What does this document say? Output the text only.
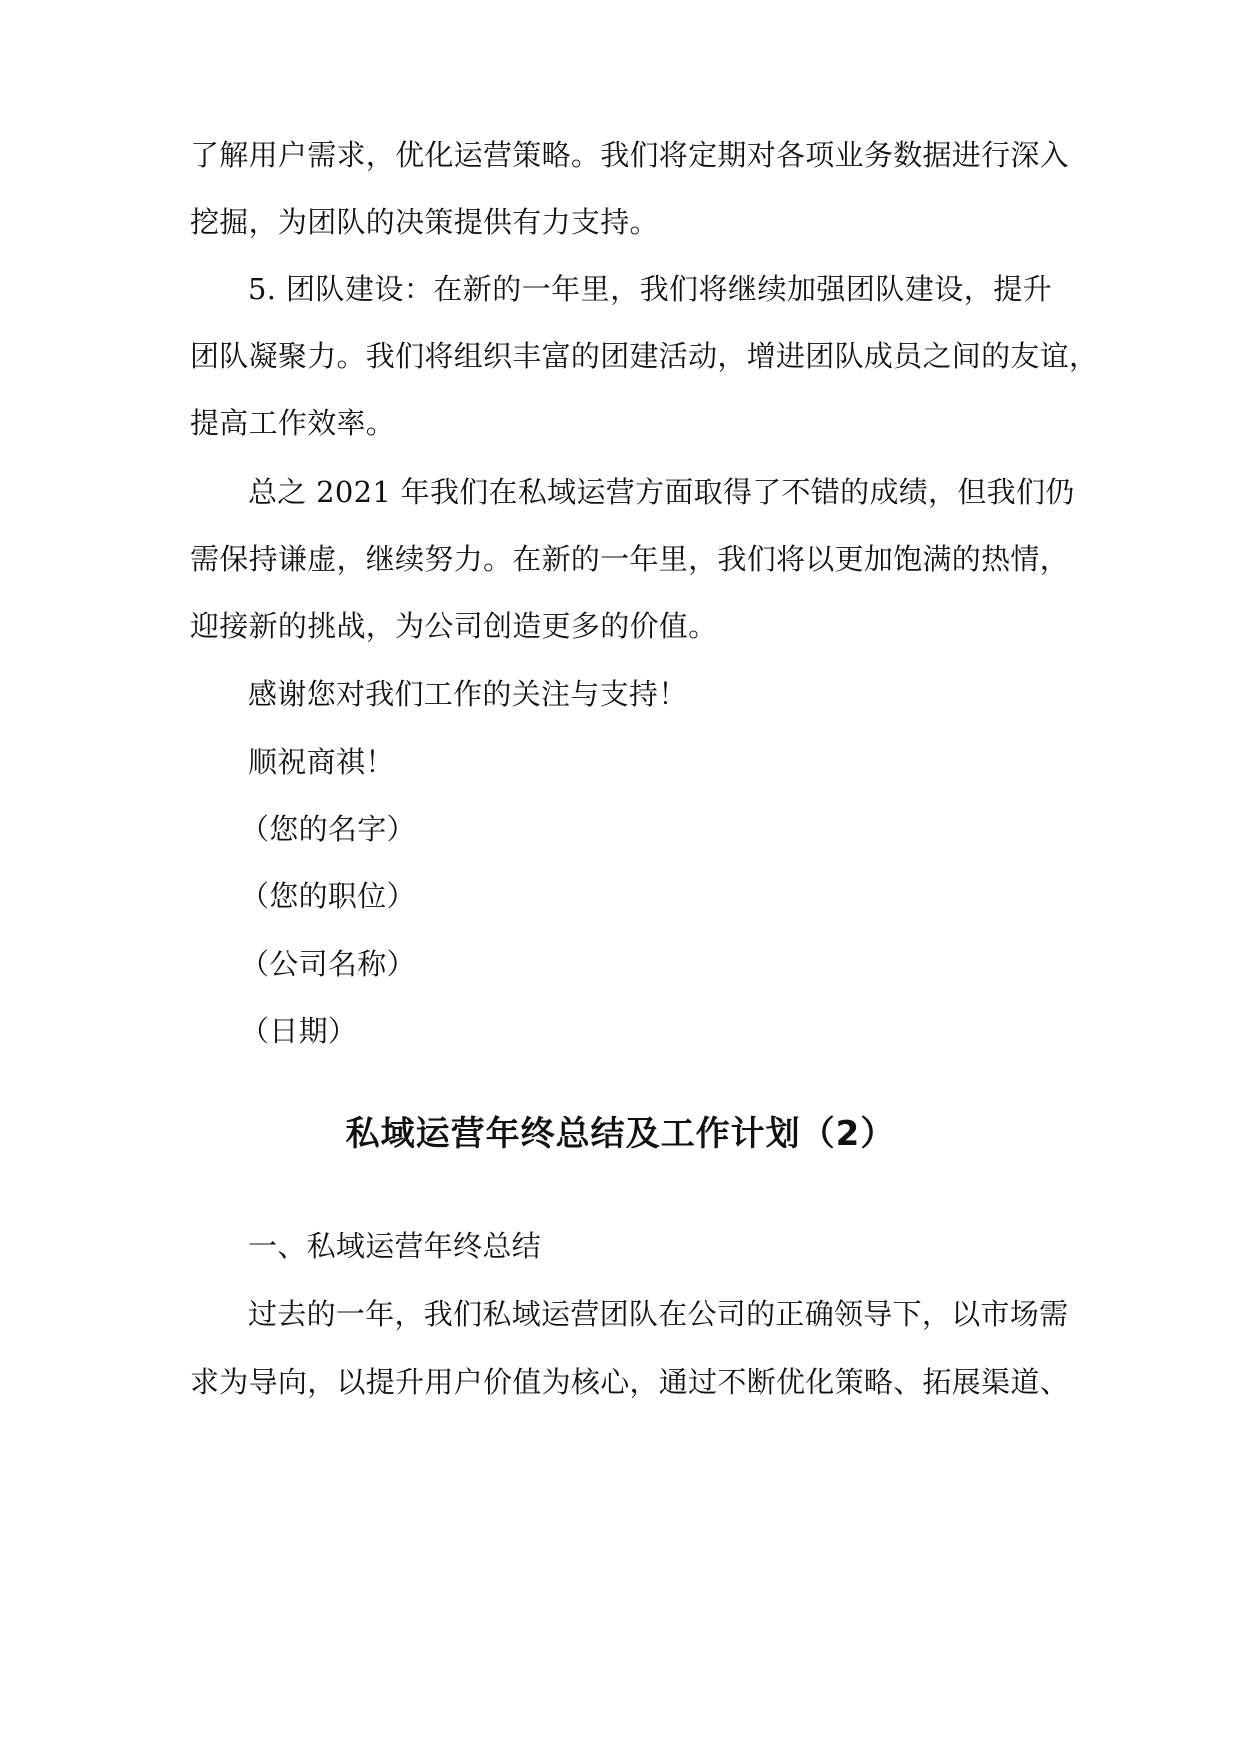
了解用户需求，优化运营策略。我们将定期对各项业务数据进行深入
挖掘，为团队的决策提供有力支持。
5. 团队建设：在新的一年里，我们将继续加强团队建设，提升
团队凝聚力。我们将组织丰富的团建活动，增进团队成员之间的友谊，
提高工作效率。
总之 2021 年我们在私域运营方面取得了不错的成绩，但我们仍
需保持谦虚，继续努力。在新的一年里，我们将以更加饱满的热情，
迎接新的挑战，为公司创造更多的价值。
感谢您对我们工作的关注与支持！
顺祝商祺！
（您的名字）
（您的职位）
（公司名称）
（日期）
私域运营年终总结及工作计划（2）
一、私域运营年终总结
过去的一年，我们私域运营团队在公司的正确领导下，以市场需
求为导向，以提升用户价值为核心，通过不断优化策略、拓展渠道、
